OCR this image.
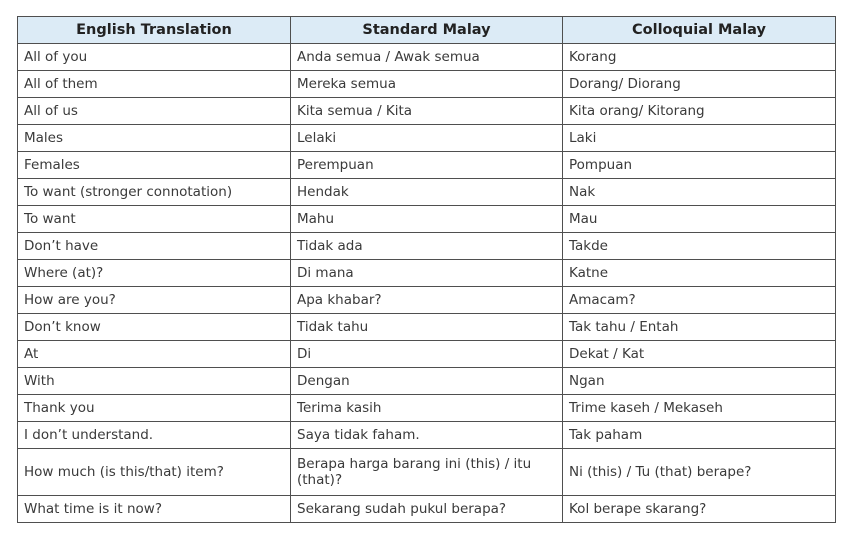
English Translation	Standard Malay	Colloquial Malay
All of you	Anda semua / Awak semua	Korang
All of them	Mereka semua	Dorang/ Diorang
All of us	Kita semua / Kita	Kita orang/ Kitorang
Males	Lelaki	Laki
Females	Perempuan	Pompuan
To want (stronger connotation)	Hendak	Nak
To want	Mahu	Mau
Don’t have	Tidak ada	Takde
Where (at)?	Di mana	Katne
How are you?	Apa khabar?	Amacam?
Don’t know	Tidak tahu	Tak tahu / Entah
At	Di	Dekat / Kat
With	Dengan	Ngan
Thank you	Terima kasih	Trime kaseh / Mekaseh
I don’t understand.	Saya tidak faham.	Tak paham
How much (is this/that) item?	Berapa harga barang ini (this) / itu (that)?	Ni (this) / Tu (that) berape?
What time is it now?	Sekarang sudah pukul berapa?	Kol berape skarang?
